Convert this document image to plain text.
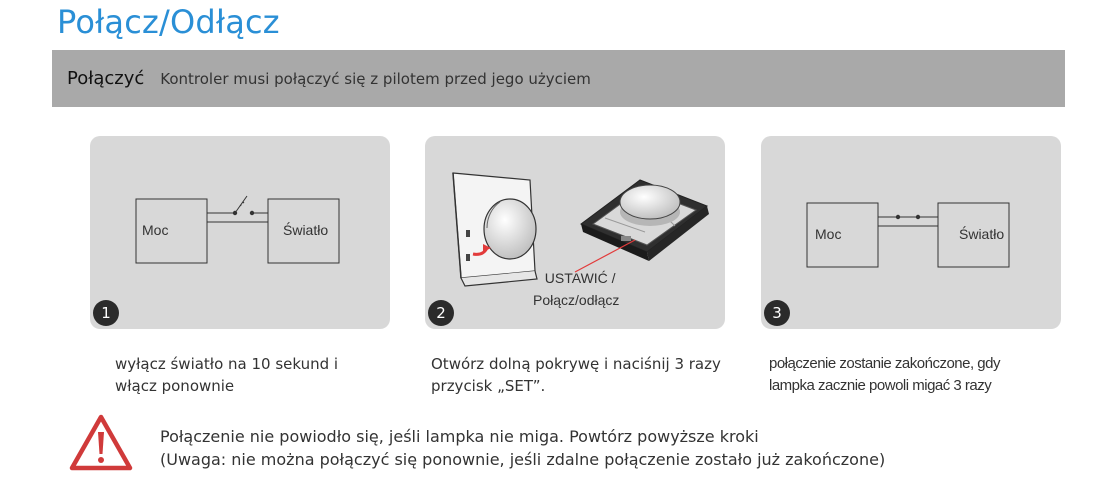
Połącz/Odłącz
Połączyć Kontroler musi połączyć się z pilotem przed jego użyciem
Moc	Światło
1
USTAWIĆ /
Połącz/odłącz
2
Moc	Światło
3
wyłącz światło na 10 sekund i
włącz ponownie
Otwórz dolną pokrywę i naciśnij 3 razy
przycisk „SET”.
połączenie zostanie zakończone, gdy
lampka zacznie powoli migać 3 razy
Połączenie nie powiodło się, jeśli lampka nie miga. Powtórz powyższe kroki
(Uwaga: nie można połączyć się ponownie, jeśli zdalne połączenie zostało już zakończone)
